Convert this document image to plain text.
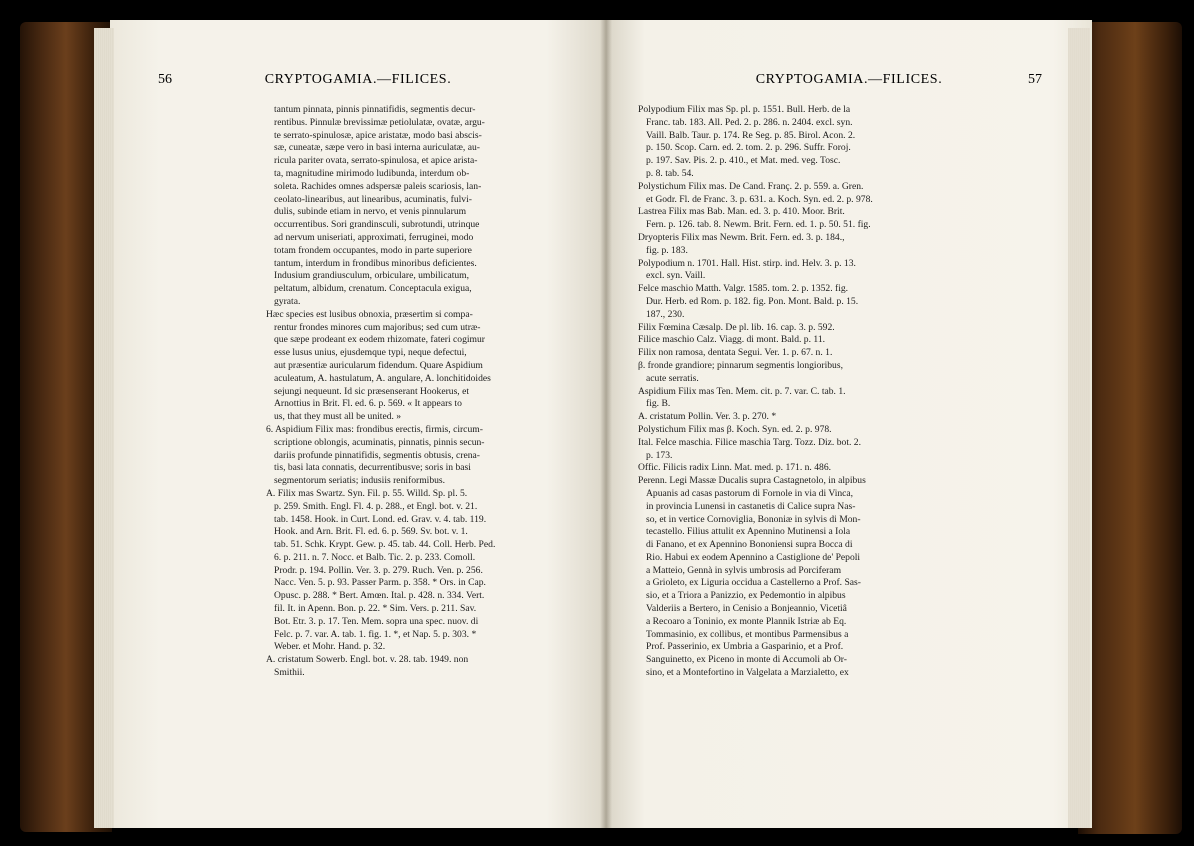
56	CRYPTOGAMIA.—FILICES.
tantum pinnata, pinnis pinnatifidis, segmentis decur-
rentibus. Pinnulæ brevissimæ petiolulatæ, ovatæ, argu-
te serrato-spinulosæ, apice aristatæ, modo basi abscis-
sæ, cuneatæ, sæpe vero in basi interna auriculatæ, au-
ricula pariter ovata, serrato-spinulosa, et apice arista-
ta, magnitudine mirimodo ludibunda, interdum ob-
soleta. Rachides omnes adspersæ paleis scariosis, lan-
ceolato-linearibus, aut linearibus, acuminatis, fulvi-
dulis, subinde etiam in nervo, et venis pinnularum
occurrentibus. Sori grandinsculi, subrotundi, utrinque
ad nervum uniseriati, approximati, ferruginei, modo
totam frondem occupantes, modo in parte superiore
tantum, interdum in frondibus minoribus deficientes.
Indusium grandiusculum, orbiculare, umbilicatum,
peltatum, albidum, crenatum. Conceptacula exigua,
gyrata.
Hæc species est lusibus obnoxia, præsertim si compa-
rentur frondes minores cum majoribus; sed cum utræ-
que sæpe prodeant ex eodem rhizomate, fateri cogimur
esse lusus unius, ejusdemque typi, neque defectui,
aut præsentiæ auricularum fidendum. Quare Aspidium
aculeatum, A. hastulatum, A. angulare, A. lonchitidoides
sejungi nequeunt. Id sic præsenserant Hookerus, et
Arnottius in Brit. Fl. ed. 6. p. 569. « It appears to
us, that they must all be united. »
6. Aspidium Filix mas: frondibus erectis, firmis, circum-
scriptione oblongis, acuminatis, pinnatis, pinnis secun-
dariis profunde pinnatifidis, segmentis obtusis, crena-
tis, basi lata connatis, decurrentibusve; soris in basi
segmentorum seriatis; indusiis reniformibus.
A. Filix mas Swartz. Syn. Fil. p. 55. Willd. Sp. pl. 5.
p. 259. Smith. Engl. Fl. 4. p. 288., et Engl. bot. v. 21.
tab. 1458. Hook. in Curt. Lond. ed. Grav. v. 4. tab. 119.
Hook. and Arn. Brit. Fl. ed. 6. p. 569. Sv. bot. v. 1.
tab. 51. Schk. Krypt. Gew. p. 45. tab. 44. Coll. Herb. Ped.
6. p. 211. n. 7. Nocc. et Balb. Tic. 2. p. 233. Comoll.
Prodr. p. 194. Pollin. Ver. 3. p. 279. Ruch. Ven. p. 256.
Nacc. Ven. 5. p. 93. Passer Parm. p. 358. * Ors. in Cap.
Opusc. p. 288. * Bert. Amœn. Ital. p. 428. n. 334. Vert.
fil. It. in Apenn. Bon. p. 22. * Sim. Vers. p. 211. Sav.
Bot. Etr. 3. p. 17. Ten. Mem. sopra una spec. nuov. di
Felc. p. 7. var. A. tab. 1. fig. 1. *, et Nap. 5. p. 303. *
Weber. et Mohr. Hand. p. 32.
A. cristatum Sowerb. Engl. bot. v. 28. tab. 1949. non
Smithii.
57
CRYPTOGAMIA.—FILICES.
Polypodium Filix mas Sp. pl. p. 1551. Bull. Herb. de la
Franc. tab. 183. All. Ped. 2. p. 286. n. 2404. excl. syn.
Vaill. Balb. Taur. p. 174. Re Seg. p. 85. Birol. Acon. 2.
p. 150. Scop. Carn. ed. 2. tom. 2. p. 296. Suffr. Foroj.
p. 197. Sav. Pis. 2. p. 410., et Mat. med. veg. Tosc.
p. 8. tab. 54.
Polystichum Filix mas. De Cand. Franç. 2. p. 559. a. Gren.
et Godr. Fl. de Franc. 3. p. 631. a. Koch. Syn. ed. 2. p. 978.
Lastrea Filix mas Bab. Man. ed. 3. p. 410. Moor. Brit.
Fern. p. 126. tab. 8. Newm. Brit. Fern. ed. 1. p. 50. 51. fig.
Dryopteris Filix mas Newm. Brit. Fern. ed. 3. p. 184.,
fig. p. 183.
Polypodium n. 1701. Hall. Hist. stirp. ind. Helv. 3. p. 13.
excl. syn. Vaill.
Felce maschio Matth. Valgr. 1585. tom. 2. p. 1352. fig.
Dur. Herb. ed Rom. p. 182. fig. Pon. Mont. Bald. p. 15.
187., 230.
Filix Fœmina Cæsalp. De pl. lib. 16. cap. 3. p. 592.
Filice maschio Calz. Viagg. di mont. Bald. p. 11.
Filix non ramosa, dentata Segui. Ver. 1. p. 67. n. 1.
β. fronde grandiore; pinnarum segmentis longioribus,
acute serratis.
Aspidium Filix mas Ten. Mem. cit. p. 7. var. C. tab. 1.
fig. B.
A. cristatum Pollin. Ver. 3. p. 270. *
Polystichum Filix mas β. Koch. Syn. ed. 2. p. 978.
Ital. Felce maschia. Filice maschia Targ. Tozz. Diz. bot. 2.
p. 173.
Offic. Filicis radix Linn. Mat. med. p. 171. n. 486.
Perenn. Legi Massæ Ducalis supra Castagnetolo, in alpibus
Apuanis ad casas pastorum di Fornole in via di Vinca,
in provincia Lunensi in castanetis di Calice supra Nas-
so, et in vertice Cornoviglia, Bononiæ in sylvis di Mon-
tecastello. Filius attulit ex Apennino Mutinensi a Iola
di Fanano, et ex Apennino Bononiensi supra Bocca di
Rio. Habui ex eodem Apennino a Castiglione de' Pepoli
a Matteio, Gennà in sylvis umbrosis ad Porciferam
a Grioleto, ex Liguria occidua a Castellerno a Prof. Sas-
sio, et a Triora a Panizzio, ex Pedemontio in alpibus
Valderiis a Bertero, in Cenisio a Bonjeannio, Vicetiâ
a Recoaro a Toninio, ex monte Plannik Istriæ ab Eq.
Tommasinio, ex collibus, et montibus Parmensibus a
Prof. Passerinio, ex Umbria a Gasparinio, et a Prof.
Sanguinetto, ex Piceno in monte di Accumoli ab Or-
sino, et a Montefortino in Valgelata a Marzialetto, ex
